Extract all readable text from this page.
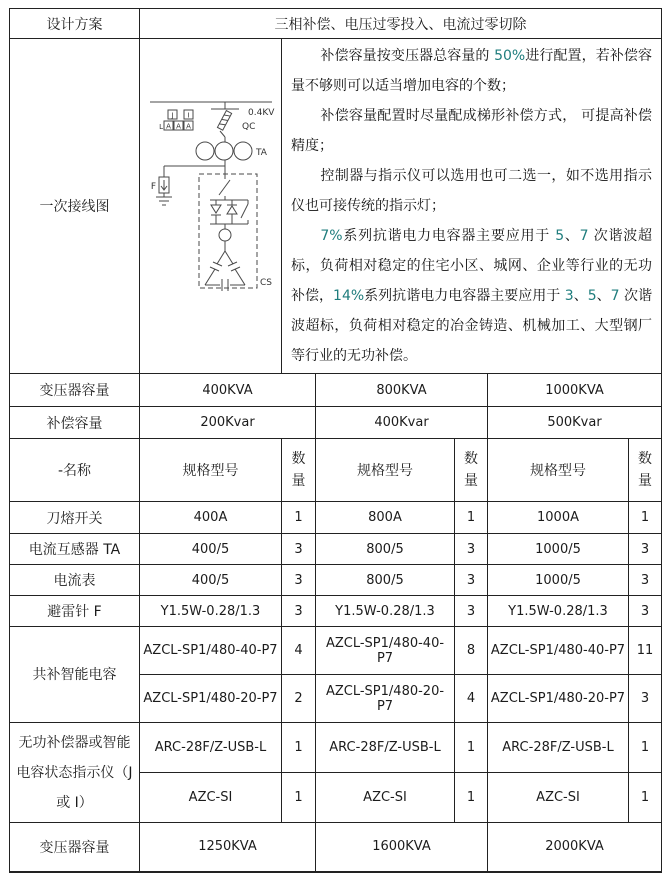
设计方案	三相补偿、电压过零投入、电流过零切除					
一次接线图	
0.4KV
QC
J I
L A A A
TA
F
CS

补偿容量按变压器总容量的 50%进行配置，若补偿容量不够则可以适当增加电容的个数；

补偿容量配置时尽量配成梯形补偿方式， 可提高补偿精度；

控制器与指示仪可以选用也可二选一，如不选用指示仪也可接传统的指示灯；

7%系列抗谐电力电容器主要应用于 5、7 次谐波超标，负荷相对稳定的住宅小区、城网、企业等行业的无功补偿，14%系列抗谐电力电容器主要应用于 3、5、7 次谐波超标，负荷相对稳定的冶金铸造、机械加工、大型钢厂等行业的无功补偿。

变压器容量	400KVA		800KVA		1000KVA	
补偿容量	200Kvar		400Kvar		500Kvar	
-名称	规格型号	数
量	规格型号	数
量	规格型号	数
量

刀熔开关	400A	1	800A	1	1000A	1
电流互感器 TA	400/5	3	800/5	3	1000/5	3
电流表	400/5	3	800/5	3	1000/5	3
避雷针 F	Y1.5W-0.28/1.3	3	Y1.5W-0.28/1.3	3	Y1.5W-0.28/1.3	3
共补智能电容	AZCL-SP1/480-40-P7	4	AZCL-SP1/480-40-P7	8	AZCL-SP1/480-40-P7	11
	AZCL-SP1/480-20-P7	2	AZCL-SP1/480-20-P7	4	AZCL-SP1/480-20-P7	3
无功补偿器或智能电容状态指示仪（J 或 I）	ARC-28F/Z-USB-L	1	ARC-28F/Z-USB-L	1	ARC-28F/Z-USB-L	1
	AZC-SI	1	AZC-SI	1	AZC-SI	1
变压器容量	1250KVA		1600KVA		2000KVA	
